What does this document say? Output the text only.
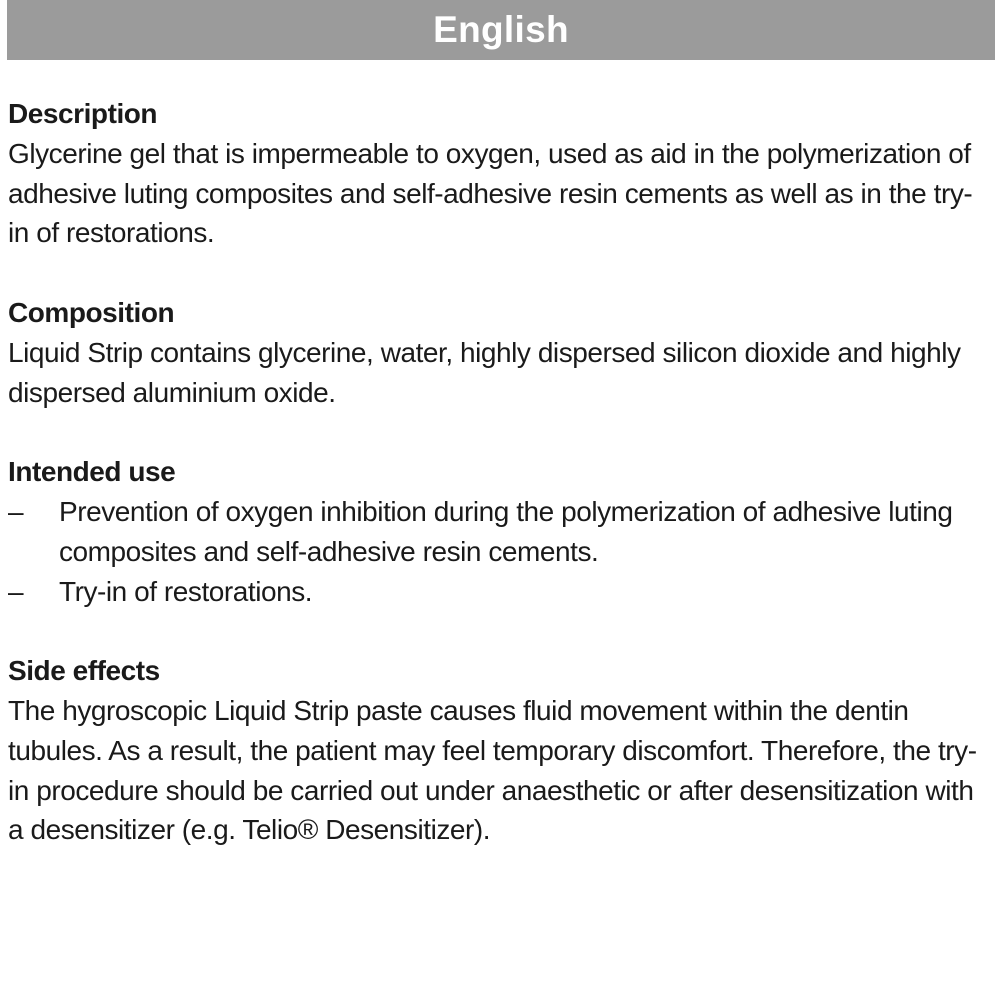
English
Description
Glycerine gel that is impermeable to oxygen, used as aid in the polymerization of adhesive luting composites and self-adhesive resin cements as well as in the try-in of restorations.
Composition
Liquid Strip contains glycerine, water, highly dispersed silicon dioxide and highly dispersed aluminium oxide.
Intended use
–	Prevention of oxygen inhibition during the polymerization of adhesive luting composites and self-adhesive resin cements.
–	Try-in of restorations.
Side effects
The hygroscopic Liquid Strip paste causes fluid movement within the dentin tubules. As a result, the patient may feel temporary discomfort. Therefore, the try-in procedure should be carried out under anaesthetic or after desensitization with a desensitizer (e.g. Telio® Desensitizer).
